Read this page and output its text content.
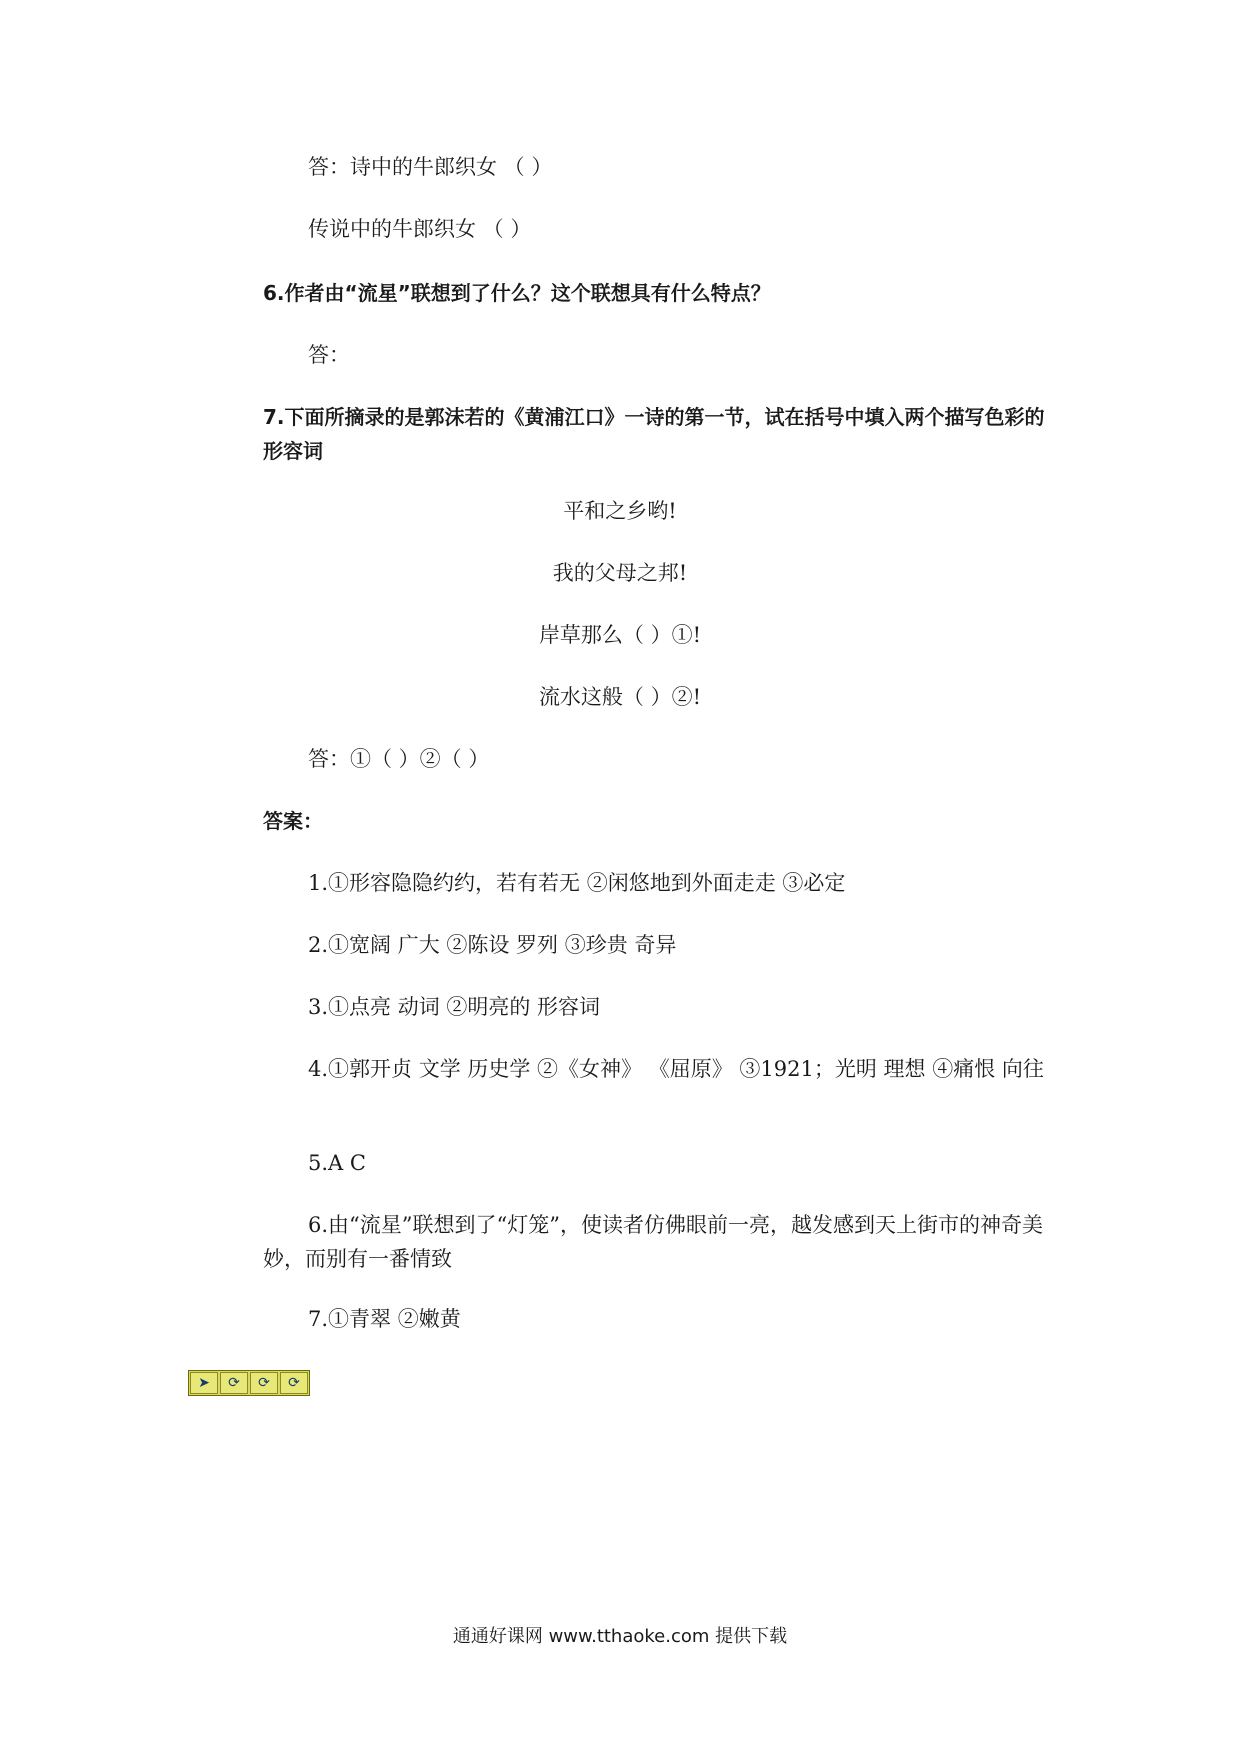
答：诗中的牛郎织女 （ ）
传说中的牛郎织女 （ ）
6.作者由“流星”联想到了什么？这个联想具有什么特点？
答：
7.下面所摘录的是郭沫若的《黄浦江口》一诗的第一节，试在括号中填入两个描写色彩的形容词
平和之乡哟!
我的父母之邦!
岸草那么（ ）①!
流水这般（ ）②!
答：①（ ）②（ ）
答案：
1.①形容隐隐约约，若有若无 ②闲悠地到外面走走 ③必定
2.①宽阔 广大 ②陈设 罗列 ③珍贵 奇异
3.①点亮 动词 ②明亮的 形容词
4.①郭开贞 文学 历史学 ②《女神》 《屈原》 ③1921；光明 理想 ④痛恨 向往
5.A C
6.由“流星”联想到了“灯笼”，使读者仿佛眼前一亮，越发感到天上街市的神奇美妙，而别有一番情致
7.①青翠 ②嫩黄
➤	⟳	⟳	⟳
通通好课网 www.tthaoke.com 提供下载
